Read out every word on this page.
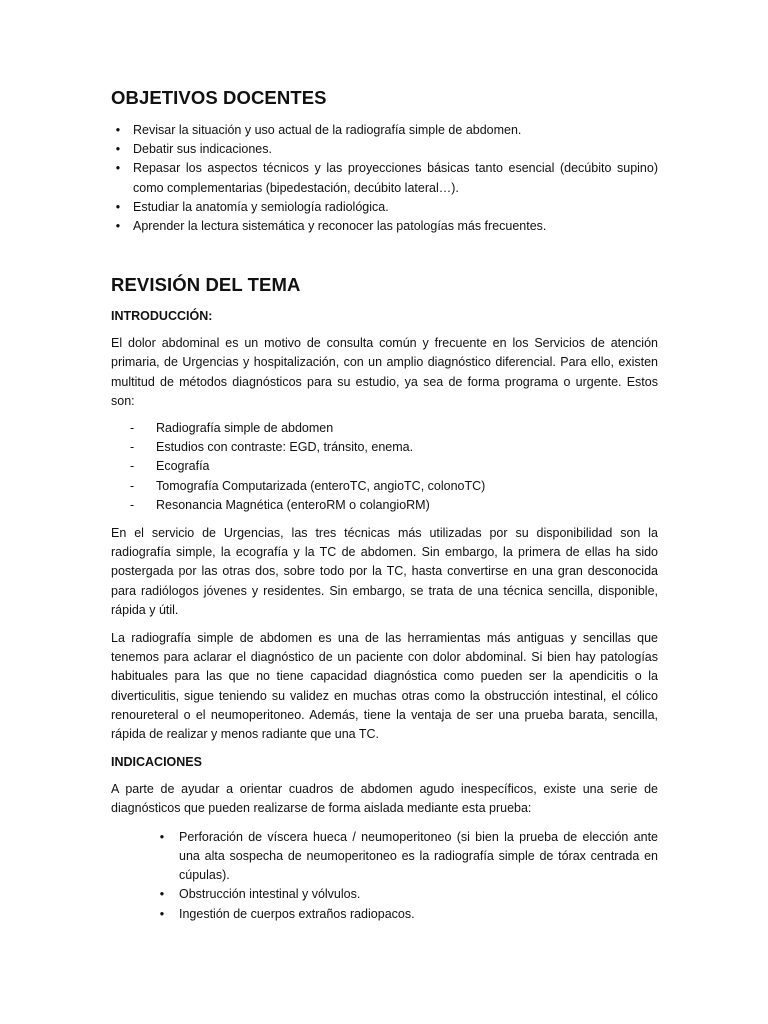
OBJETIVOS DOCENTES
• Revisar la situación y uso actual de la radiografía simple de abdomen.
• Debatir sus indicaciones.
• Repasar los aspectos técnicos y las proyecciones básicas tanto esencial (decúbito supino) como complementarias (bipedestación, decúbito lateral…).
• Estudiar la anatomía y semiología radiológica.
• Aprender la lectura sistemática y reconocer las patologías más frecuentes.
REVISIÓN DEL TEMA
INTRODUCCIÓN:

El dolor abdominal es un motivo de consulta común y frecuente en los Servicios de atención primaria, de Urgencias y hospitalización, con un amplio diagnóstico diferencial. Para ello, existen multitud de métodos diagnósticos para su estudio, ya sea de forma programa o urgente. Estos son:

- Radiografía simple de abdomen
- Estudios con contraste: EGD, tránsito, enema.
- Ecografía
- Tomografía Computarizada (enteroTC, angioTC, colonoTC)
- Resonancia Magnética (enteroRM o colangioRM)

En el servicio de Urgencias, las tres técnicas más utilizadas por su disponibilidad son la radiografía simple, la ecografía y la TC de abdomen. Sin embargo, la primera de ellas ha sido postergada por las otras dos, sobre todo por la TC, hasta convertirse en una gran desconocida para radiólogos jóvenes y residentes. Sin embargo, se trata de una técnica sencilla, disponible, rápida y útil.

La radiografía simple de abdomen es una de las herramientas más antiguas y sencillas que tenemos para aclarar el diagnóstico de un paciente con dolor abdominal. Si bien hay patologías habituales para las que no tiene capacidad diagnóstica como pueden ser la apendicitis o la diverticulitis, sigue teniendo su validez en muchas otras como la obstrucción intestinal, el cólico renoureteral o el neumoperitoneo. Además, tiene la ventaja de ser una prueba barata, sencilla, rápida de realizar y menos radiante que una TC.

INDICACIONES

A parte de ayudar a orientar cuadros de abdomen agudo inespecíficos, existe una serie de diagnósticos que pueden realizarse de forma aislada mediante esta prueba:

• Perforación de víscera hueca / neumoperitoneo (si bien la prueba de elección ante una alta sospecha de neumoperitoneo es la radiografía simple de tórax centrada en cúpulas).
• Obstrucción intestinal y vólvulos.
• Ingestión de cuerpos extraños radiopacos.
